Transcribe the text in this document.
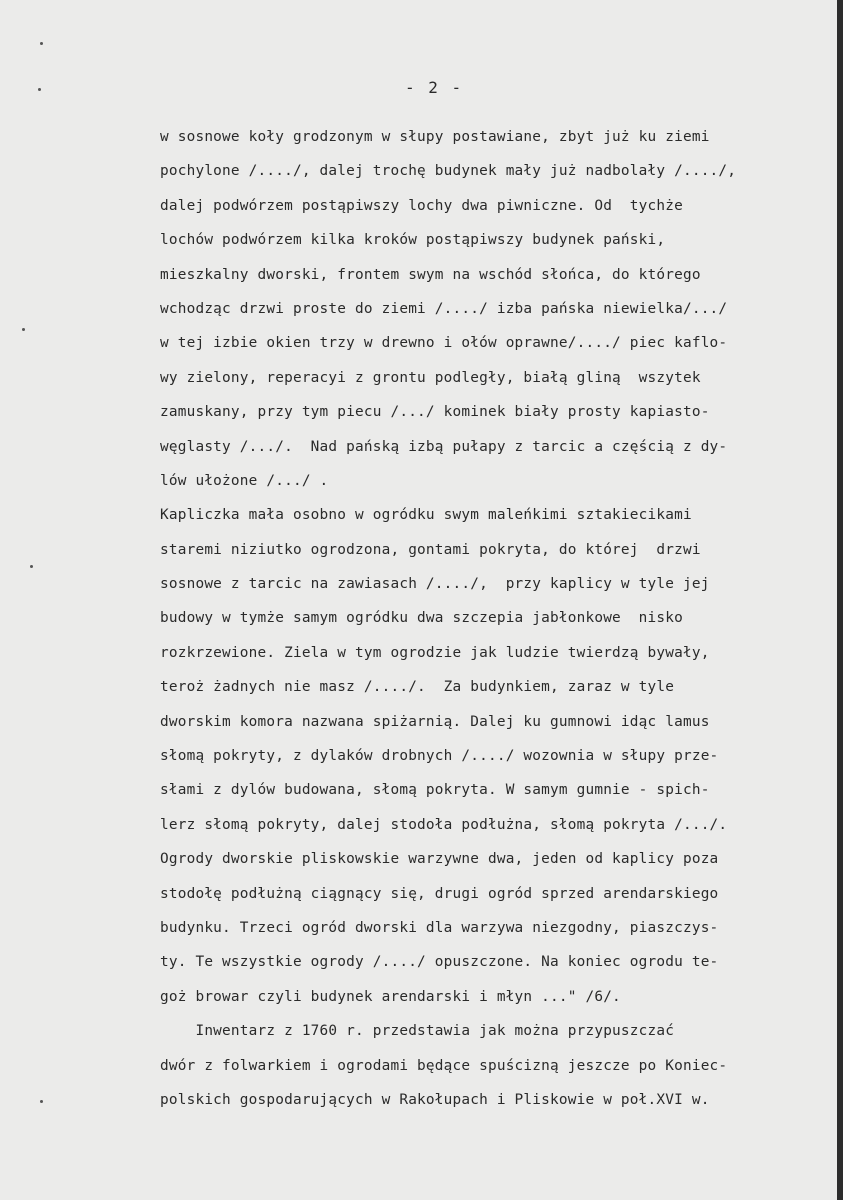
- 2 -
w sosnowe koły grodzonym w słupy postawiane, zbyt już ku ziemi
pochylone /..../, dalej trochę budynek mały już nadbolały /..../,
dalej podwórzem postąpiwszy lochy dwa piwniczne. Od  tychże
lochów podwórzem kilka kroków postąpiwszy budynek pański,
mieszkalny dworski, frontem swym na wschód słońca, do którego
wchodząc drzwi proste do ziemi /..../ izba pańska niewielka/.../
w tej izbie okien trzy w drewno i ołów oprawne/..../ piec kaflo-
wy zielony, reperacyi z grontu podległy, białą gliną  wszytek
zamuskany, przy tym piecu /.../ kominek biały prosty kapiasto-
węglasty /.../.  Nad pańską izbą pułapy z tarcic a częścią z dy-
lów ułożone /.../ .
Kapliczka mała osobno w ogródku swym maleńkimi sztakiecikami
staremi niziutko ogrodzona, gontami pokryta, do której  drzwi
sosnowe z tarcic na zawiasach /..../,  przy kaplicy w tyle jej
budowy w tymże samym ogródku dwa szczepia jabłonkowe  nisko
rozkrzewione. Ziela w tym ogrodzie jak ludzie twierdzą bywały,
teroż żadnych nie masz /..../.  Za budynkiem, zaraz w tyle
dworskim komora nazwana spiżarnią. Dalej ku gumnowi idąc lamus
słomą pokryty, z dylaków drobnych /..../ wozownia w słupy prze-
słami z dylów budowana, słomą pokryta. W samym gumnie - spich-
lerz słomą pokryty, dalej stodoła podłużna, słomą pokryta /.../.
Ogrody dworskie pliskowskie warzywne dwa, jeden od kaplicy poza
stodołę podłużną ciągnący się, drugi ogród sprzed arendarskiego
budynku. Trzeci ogród dworski dla warzywa niezgodny, piaszczys-
ty. Te wszystkie ogrody /..../ opuszczone. Na koniec ogrodu te-
goż browar czyli budynek arendarski i młyn ..." /6/.
Inwentarz z 1760 r. przedstawia jak można przypuszczać
dwór z folwarkiem i ogrodami będące spuścizną jeszcze po Koniec-
polskich gospodarujących w Rakołupach i Pliskowie w poł.XVI w.
